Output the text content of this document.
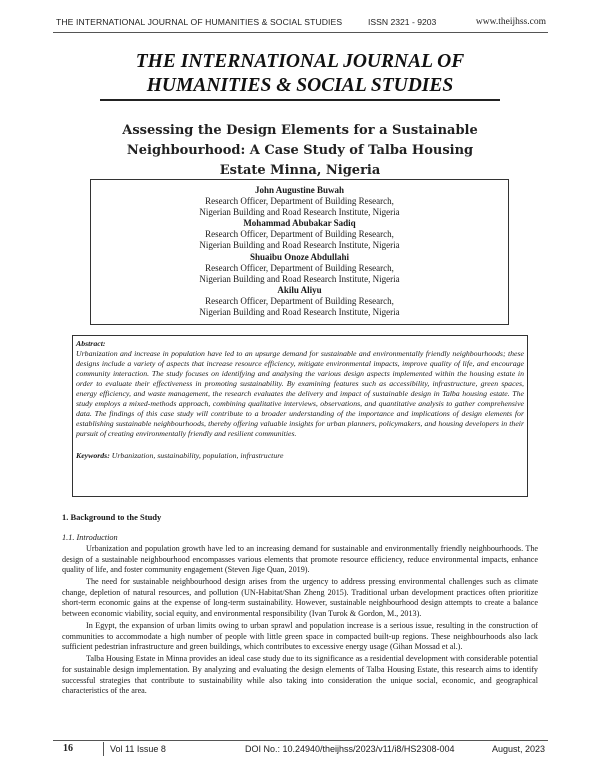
THE INTERNATIONAL JOURNAL OF HUMANITIES & SOCIAL STUDIES	ISSN 2321 - 9203	www.theijhss.com
THE INTERNATIONAL JOURNAL OF
HUMANITIES & SOCIAL STUDIES
Assessing the Design Elements for a Sustainable
Neighbourhood: A Case Study of Talba Housing
Estate Minna, Nigeria
John Augustine Buwah
Research Officer, Department of Building Research,
Nigerian Building and Road Research Institute, Nigeria
Mohammad Abubakar Sadiq
Research Officer, Department of Building Research,
Nigerian Building and Road Research Institute, Nigeria
Shuaibu Onoze Abdullahi
Research Officer, Department of Building Research,
Nigerian Building and Road Research Institute, Nigeria
Akilu Aliyu
Research Officer, Department of Building Research,
Nigerian Building and Road Research Institute, Nigeria
Abstract:
Urbanization and increase in population have led to an upsurge demand for sustainable and environmentally friendly neighbourhoods; these designs include a variety of aspects that increase resource efficiency, mitigate environmental impacts, improve quality of life, and encourage community interaction. The study focuses on identifying and analysing the various design aspects implemented within the housing estate in order to evaluate their effectiveness in promoting sustainability. By examining features such as accessibility, infrastructure, green spaces, energy efficiency, and waste management, the research evaluates the delivery and impact of sustainable design in Talba housing estate. The study employs a mixed-methods approach, combining qualitative interviews, observations, and quantitative analysis to gather comprehensive data. The findings of this case study will contribute to a broader understanding of the importance and implications of design elements for establishing sustainable neighbourhoods, thereby offering valuable insights for urban planners, policymakers, and housing developers in their pursuit of creating environmentally friendly and resilient communities.
Keywords: Urbanization, sustainability, population, infrastructure
1. Background to the Study
1.1. Introduction

Urbanization and population growth have led to an increasing demand for sustainable and environmentally friendly neighbourhoods. The design of a sustainable neighbourhood encompasses various elements that promote resource efficiency, reduce environmental impacts, enhance quality of life, and foster community engagement (Steven Jige Quan, 2019).

The need for sustainable neighbourhood design arises from the urgency to address pressing environmental challenges such as climate change, depletion of natural resources, and pollution (UN-Habitat/Shan Zheng 2015). Traditional urban development practices often prioritize short-term economic gains at the expense of long-term sustainability. However, sustainable neighbourhood design attempts to create a balance between economic viability, social equity, and environmental responsibility (Ivan Turok & Gordon, M., 2013).

In Egypt, the expansion of urban limits owing to urban sprawl and population increase is a serious issue, resulting in the construction of communities to accommodate a high number of people with little green space in compacted built-up regions. These neighbourhoods also lack sufficient pedestrian infrastructure and green buildings, which contributes to excessive energy usage (Gihan Mossad et al.).

Talba Housing Estate in Minna provides an ideal case study due to its significance as a residential development with considerable potential for sustainable design implementation. By analyzing and evaluating the design elements of Talba Housing Estate, this research aims to identify successful strategies that contribute to sustainability while also taking into consideration the unique social, economic, and geographical characteristics of the area.

16	Vol 11 Issue 8	DOI No.: 10.24940/theijhss/2023/v11/i8/HS2308-004	August, 2023
